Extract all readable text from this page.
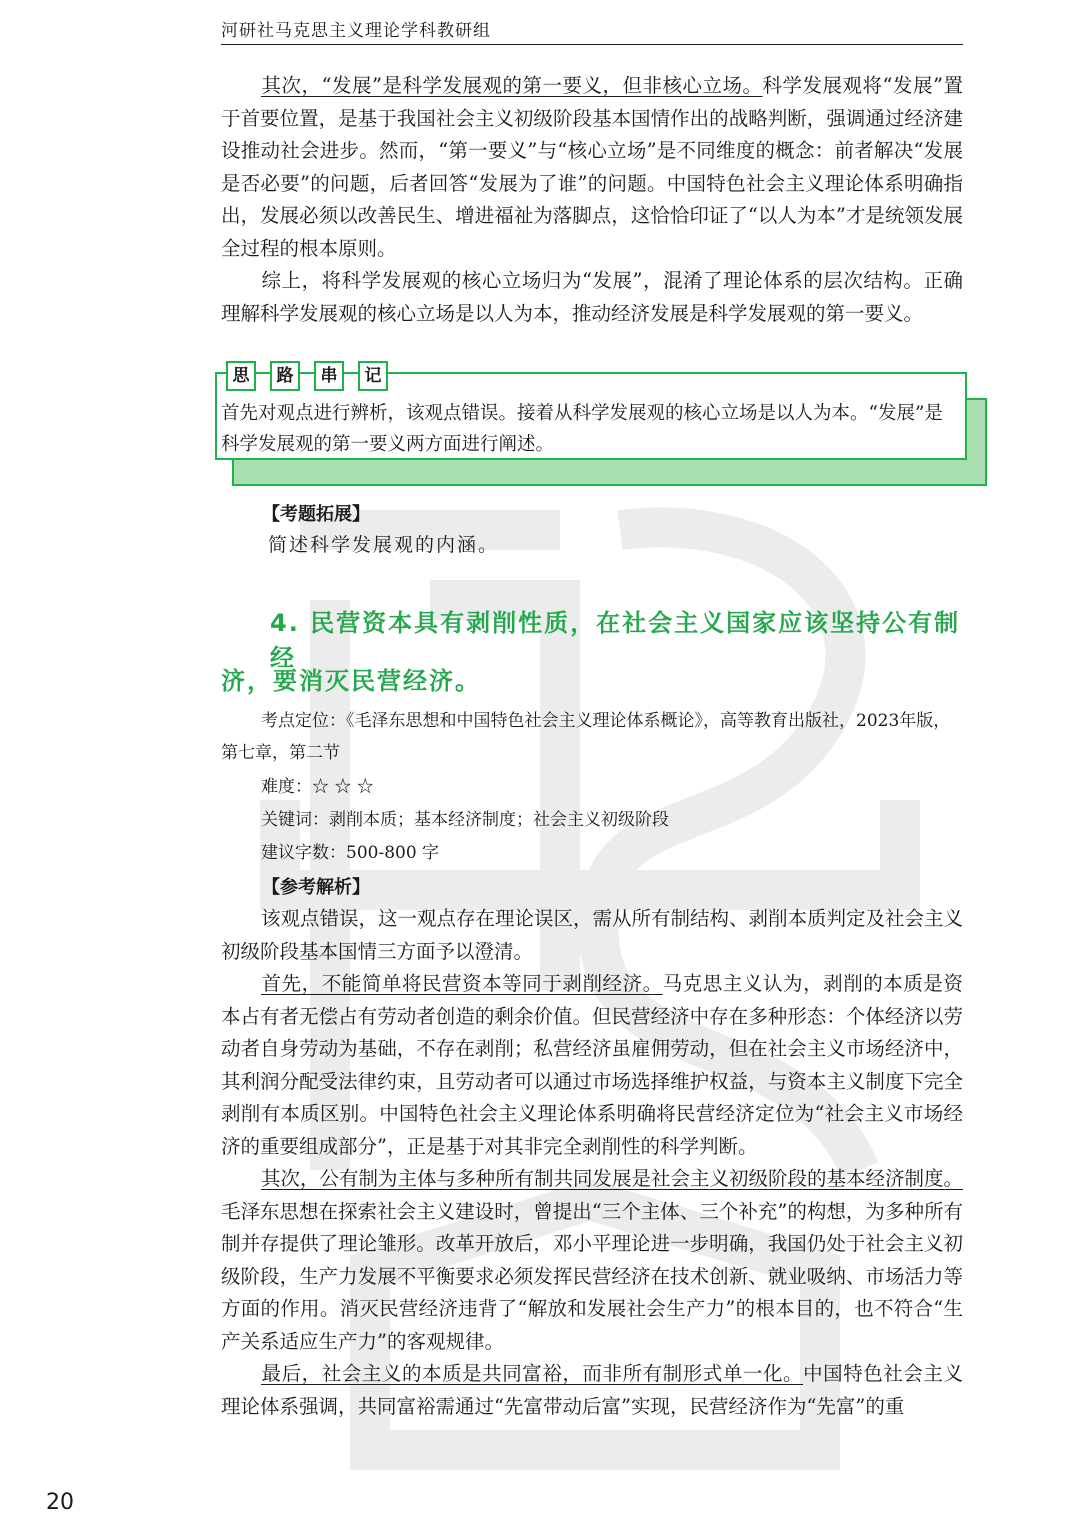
河研社马克思主义理论学科教研组

其次，“发展”是科学发展观的第一要义，但非核心立场。科学发展观将“发展”置于首要位置，是基于我国社会主义初级阶段基本国情作出的战略判断，强调通过经济建设推动社会进步。然而，“第一要义”与“核心立场”是不同维度的概念：前者解决“发展是否必要”的问题，后者回答“发展为了谁”的问题。中国特色社会主义理论体系明确指出，发展必须以改善民生、增进福祉为落脚点，这恰恰印证了“以人为本”才是统领发展全过程的根本原则。

综上，将科学发展观的核心立场归为“发展”，混淆了理论体系的层次结构。正确理解科学发展观的核心立场是以人为本，推动经济发展是科学发展观的第一要义。

思	路	串	记

首先对观点进行辨析，该观点错误。接着从科学发展观的核心立场是以人为本。“发展”是科学发展观的第一要义两方面进行阐述。

【考题拓展】
简述科学发展观的内涵。
4. 民营资本具有剥削性质，在社会主义国家应该坚持公有制经
济，要消灭民营经济。
考点定位：《毛泽东思想和中国特色社会主义理论体系概论》，高等教育出版社，2023年版，第七章，第二节
难度：☆ ☆ ☆
关键词：剥削本质；基本经济制度；社会主义初级阶段
建议字数：500-800 字
【参考解析】

该观点错误，这一观点存在理论误区，需从所有制结构、剥削本质判定及社会主义初级阶段基本国情三方面予以澄清。

首先，不能简单将民营资本等同于剥削经济。马克思主义认为，剥削的本质是资本占有者无偿占有劳动者创造的剩余价值。但民营经济中存在多种形态：个体经济以劳动者自身劳动为基础，不存在剥削；私营经济虽雇佣劳动，但在社会主义市场经济中，其利润分配受法律约束，且劳动者可以通过市场选择维护权益，与资本主义制度下完全剥削有本质区别。中国特色社会主义理论体系明确将民营经济定位为“社会主义市场经济的重要组成部分”，正是基于对其非完全剥削性的科学判断。

其次，公有制为主体与多种所有制共同发展是社会主义初级阶段的基本经济制度。毛泽东思想在探索社会主义建设时，曾提出“三个主体、三个补充”的构想，为多种所有制并存提供了理论雏形。改革开放后，邓小平理论进一步明确，我国仍处于社会主义初级阶段，生产力发展不平衡要求必须发挥民营经济在技术创新、就业吸纳、市场活力等方面的作用。消灭民营经济违背了“解放和发展社会生产力”的根本目的，也不符合“生产关系适应生产力”的客观规律。

最后，社会主义的本质是共同富裕，而非所有制形式单一化。中国特色社会主义理论体系强调，共同富裕需通过“先富带动后富”实现，民营经济作为“先富”的重

20
